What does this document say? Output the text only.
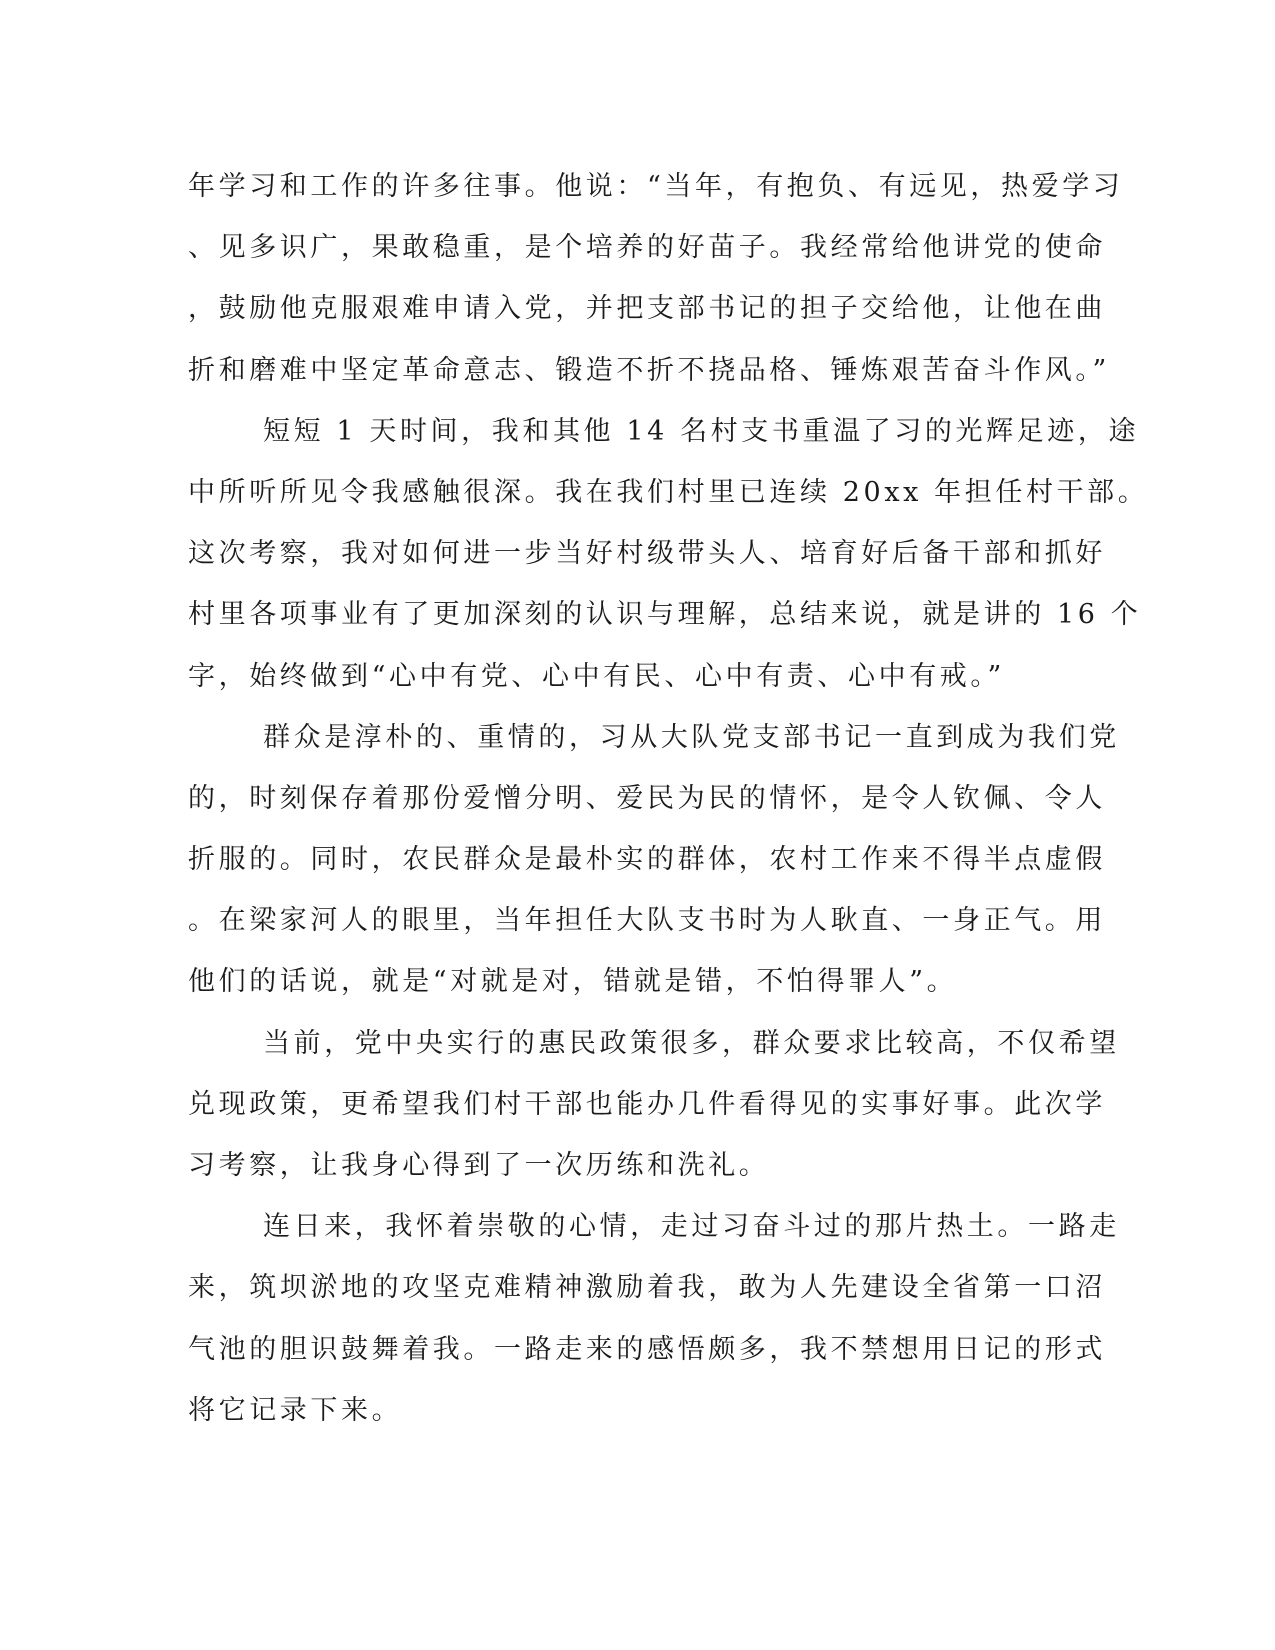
年学习和工作的许多往事。他说：“当年，有抱负、有远见，热爱学习
、见多识广，果敢稳重，是个培养的好苗子。我经常给他讲党的使命
，鼓励他克服艰难申请入党，并把支部书记的担子交给他，让他在曲
折和磨难中坚定革命意志、锻造不折不挠品格、锤炼艰苦奋斗作风。”
短短 1 天时间，我和其他 14 名村支书重温了习的光辉足迹，途
中所听所见令我感触很深。我在我们村里已连续 20xx 年担任村干部。
这次考察，我对如何进一步当好村级带头人、培育好后备干部和抓好
村里各项事业有了更加深刻的认识与理解，总结来说，就是讲的 16 个
字，始终做到“心中有党、心中有民、心中有责、心中有戒。”
群众是淳朴的、重情的，习从大队党支部书记一直到成为我们党
的，时刻保存着那份爱憎分明、爱民为民的情怀，是令人钦佩、令人
折服的。同时，农民群众是最朴实的群体，农村工作来不得半点虚假
。在梁家河人的眼里，当年担任大队支书时为人耿直、一身正气。用
他们的话说，就是“对就是对，错就是错，不怕得罪人”。
当前，党中央实行的惠民政策很多，群众要求比较高，不仅希望
兑现政策，更希望我们村干部也能办几件看得见的实事好事。此次学
习考察，让我身心得到了一次历练和洗礼。
连日来，我怀着崇敬的心情，走过习奋斗过的那片热土。一路走
来，筑坝淤地的攻坚克难精神激励着我，敢为人先建设全省第一口沼
气池的胆识鼓舞着我。一路走来的感悟颇多，我不禁想用日记的形式
将它记录下来。
